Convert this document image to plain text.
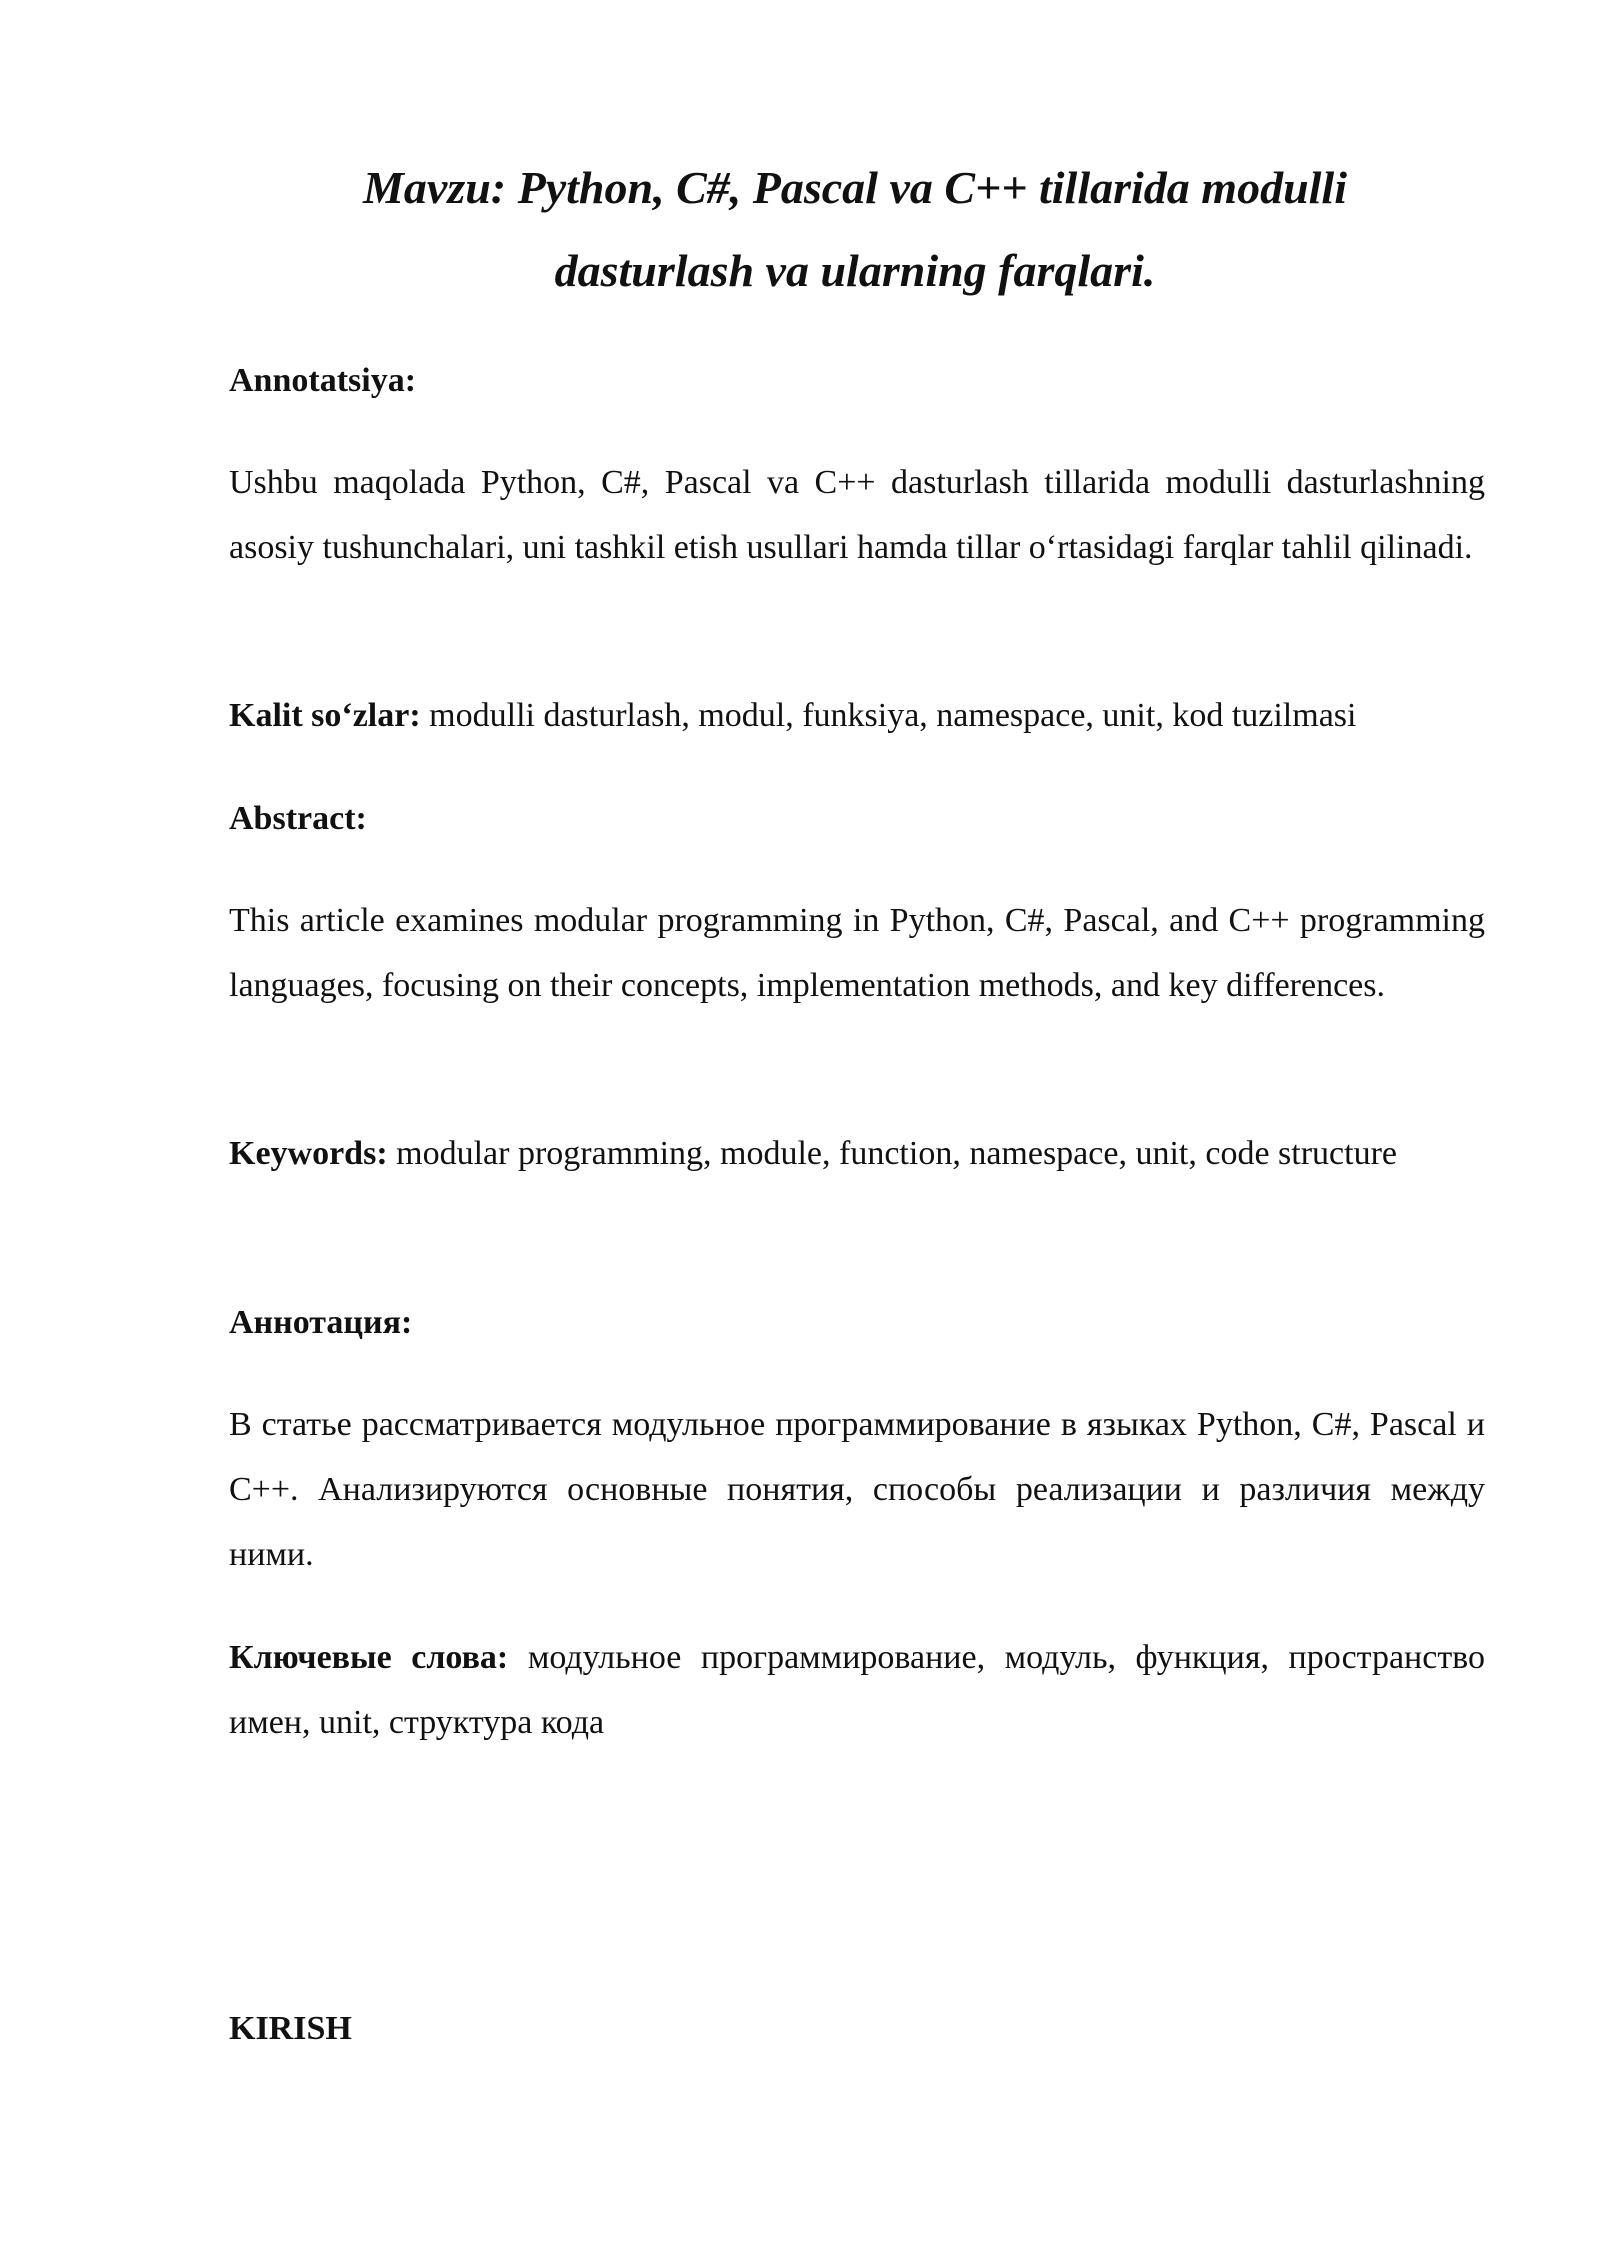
Mavzu: Python, C#, Pascal va C++ tillarida modulli
dasturlash va ularning farqlari.

Annotatsiya:

Ushbu maqolada Python, C#, Pascal va C++ dasturlash tillarida modulli dasturlashning asosiy tushunchalari, uni tashkil etish usullari hamda tillar o‘rtasidagi farqlar tahlil qilinadi.

Kalit so‘zlar: modulli dasturlash, modul, funksiya, namespace, unit, kod tuzilmasi

Abstract:

This article examines modular programming in Python, C#, Pascal, and C++ programming languages, focusing on their concepts, implementation methods, and key differences.

Keywords: modular programming, module, function, namespace, unit, code structure

Аннотация:

В статье рассматривается модульное программирование в языках Python, C#, Pascal и C++. Анализируются основные понятия, способы реализации и различия между ними.

Ключевые слова: модульное программирование, модуль, функция, пространство имен, unit, структура кода

KIRISH
